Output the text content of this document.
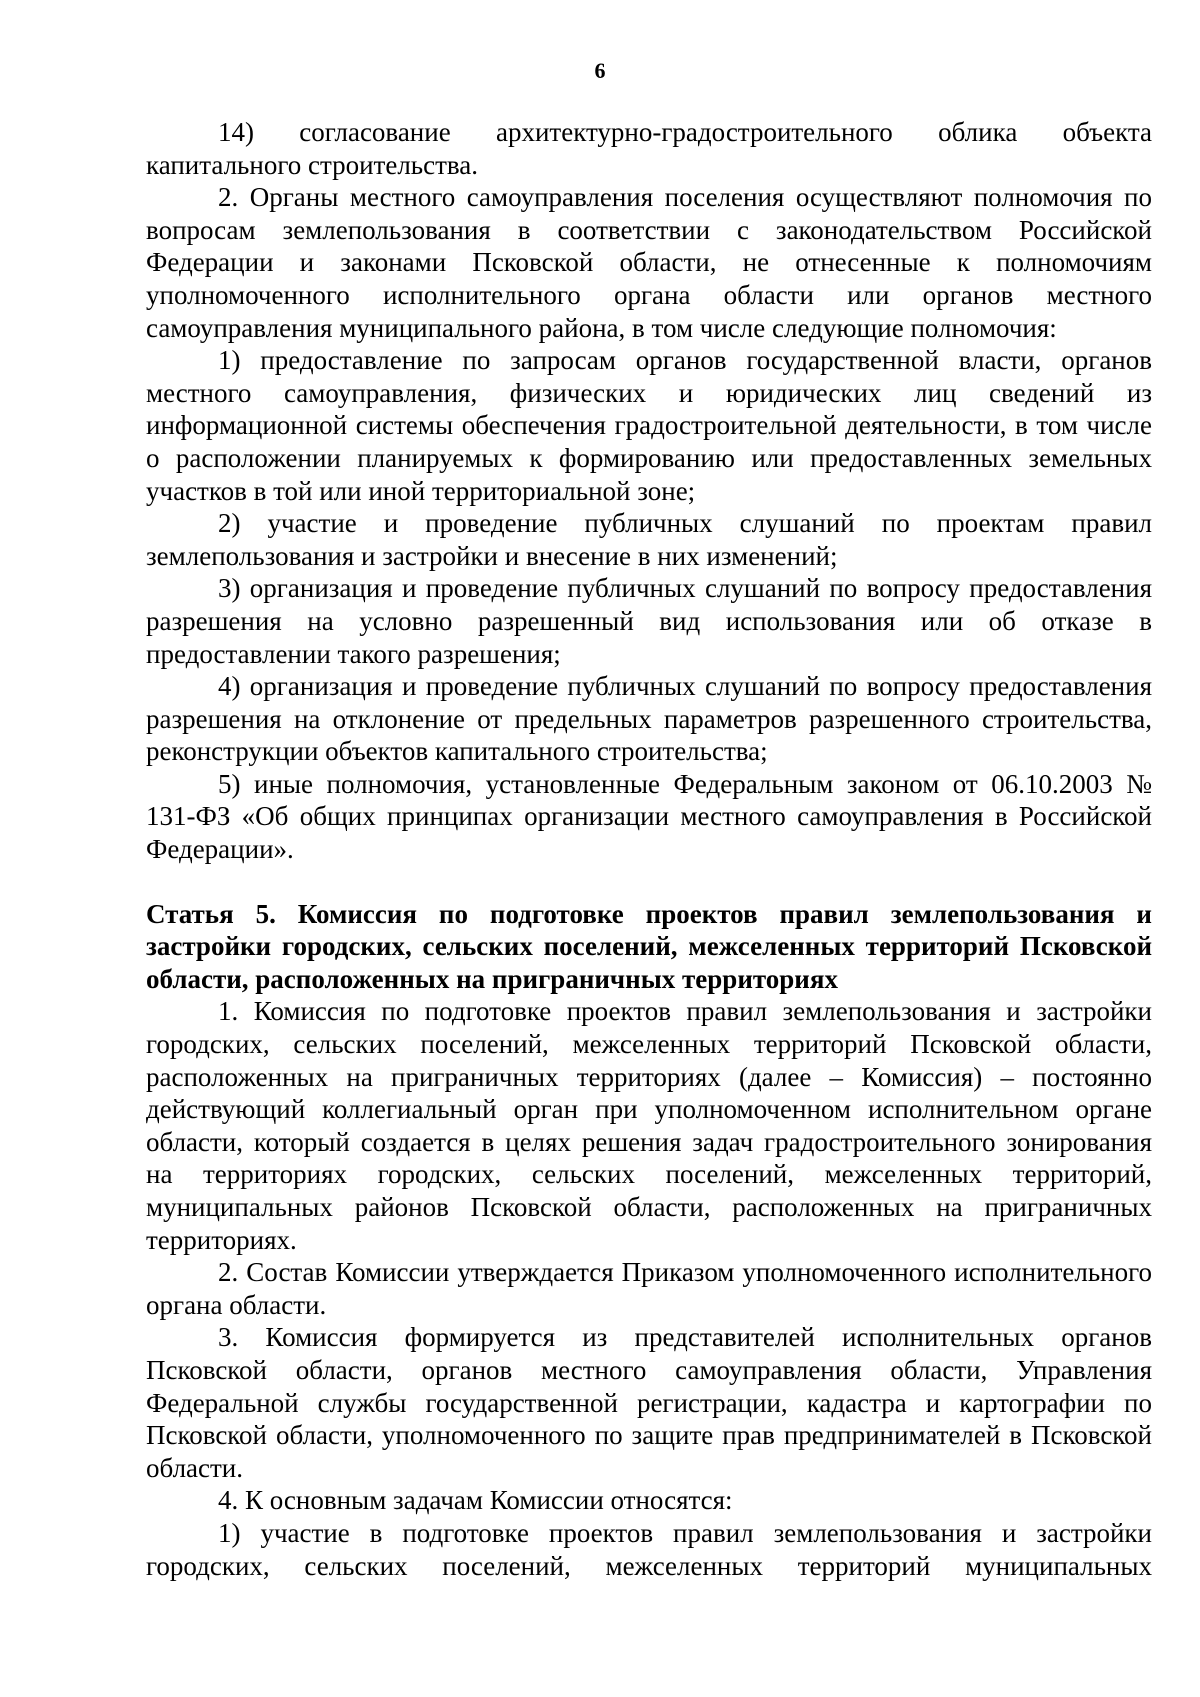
6

14) согласование архитектурно-градостроительного облика объекта капитального строительства.

2. Органы местного самоуправления поселения осуществляют полномочия по вопросам землепользования в соответствии с законодательством Российской Федерации и законами Псковской области, не отнесенные к полномочиям уполномоченного исполнительного органа области или органов местного самоуправления муниципального района, в том числе следующие полномочия:

1) предоставление по запросам органов государственной власти, органов местного самоуправления, физических и юридических лиц сведений из информационной системы обеспечения градостроительной деятельности, в том числе о расположении планируемых к формированию или предоставленных земельных участков в той или иной территориальной зоне;

2) участие и проведение публичных слушаний по проектам правил землепользования и застройки и внесение в них изменений;

3) организация и проведение публичных слушаний по вопросу предоставления разрешения на условно разрешенный вид использования или об отказе в предоставлении такого разрешения;

4) организация и проведение публичных слушаний по вопросу предоставления разрешения на отклонение от предельных параметров разрешенного строительства, реконструкции объектов капитального строительства;

5) иные полномочия, установленные Федеральным законом от 06.10.2003 № 131-ФЗ «Об общих принципах организации местного самоуправления в Российской Федерации».

Статья 5. Комиссия по подготовке проектов правил землепользования и застройки городских, сельских поселений, межселенных территорий Псковской области, расположенных на приграничных территориях

1. Комиссия по подготовке проектов правил землепользования и застройки городских, сельских поселений, межселенных территорий Псковской области, расположенных на приграничных территориях (далее – Комиссия) – постоянно действующий коллегиальный орган при уполномоченном исполнительном органе области, который создается в целях решения задач градостроительного зонирования на территориях городских, сельских поселений, межселенных территорий, муниципальных районов Псковской области, расположенных на приграничных территориях.

2. Состав Комиссии утверждается Приказом уполномоченного исполнительного органа области.

3. Комиссия формируется из представителей исполнительных органов Псковской области, органов местного самоуправления области, Управления Федеральной службы государственной регистрации, кадастра и картографии по Псковской области, уполномоченного по защите прав предпринимателей в Псковской области.

4. К основным задачам Комиссии относятся:

1) участие в подготовке проектов правил землепользования и застройки городских, сельских поселений, межселенных территорий муниципальных
